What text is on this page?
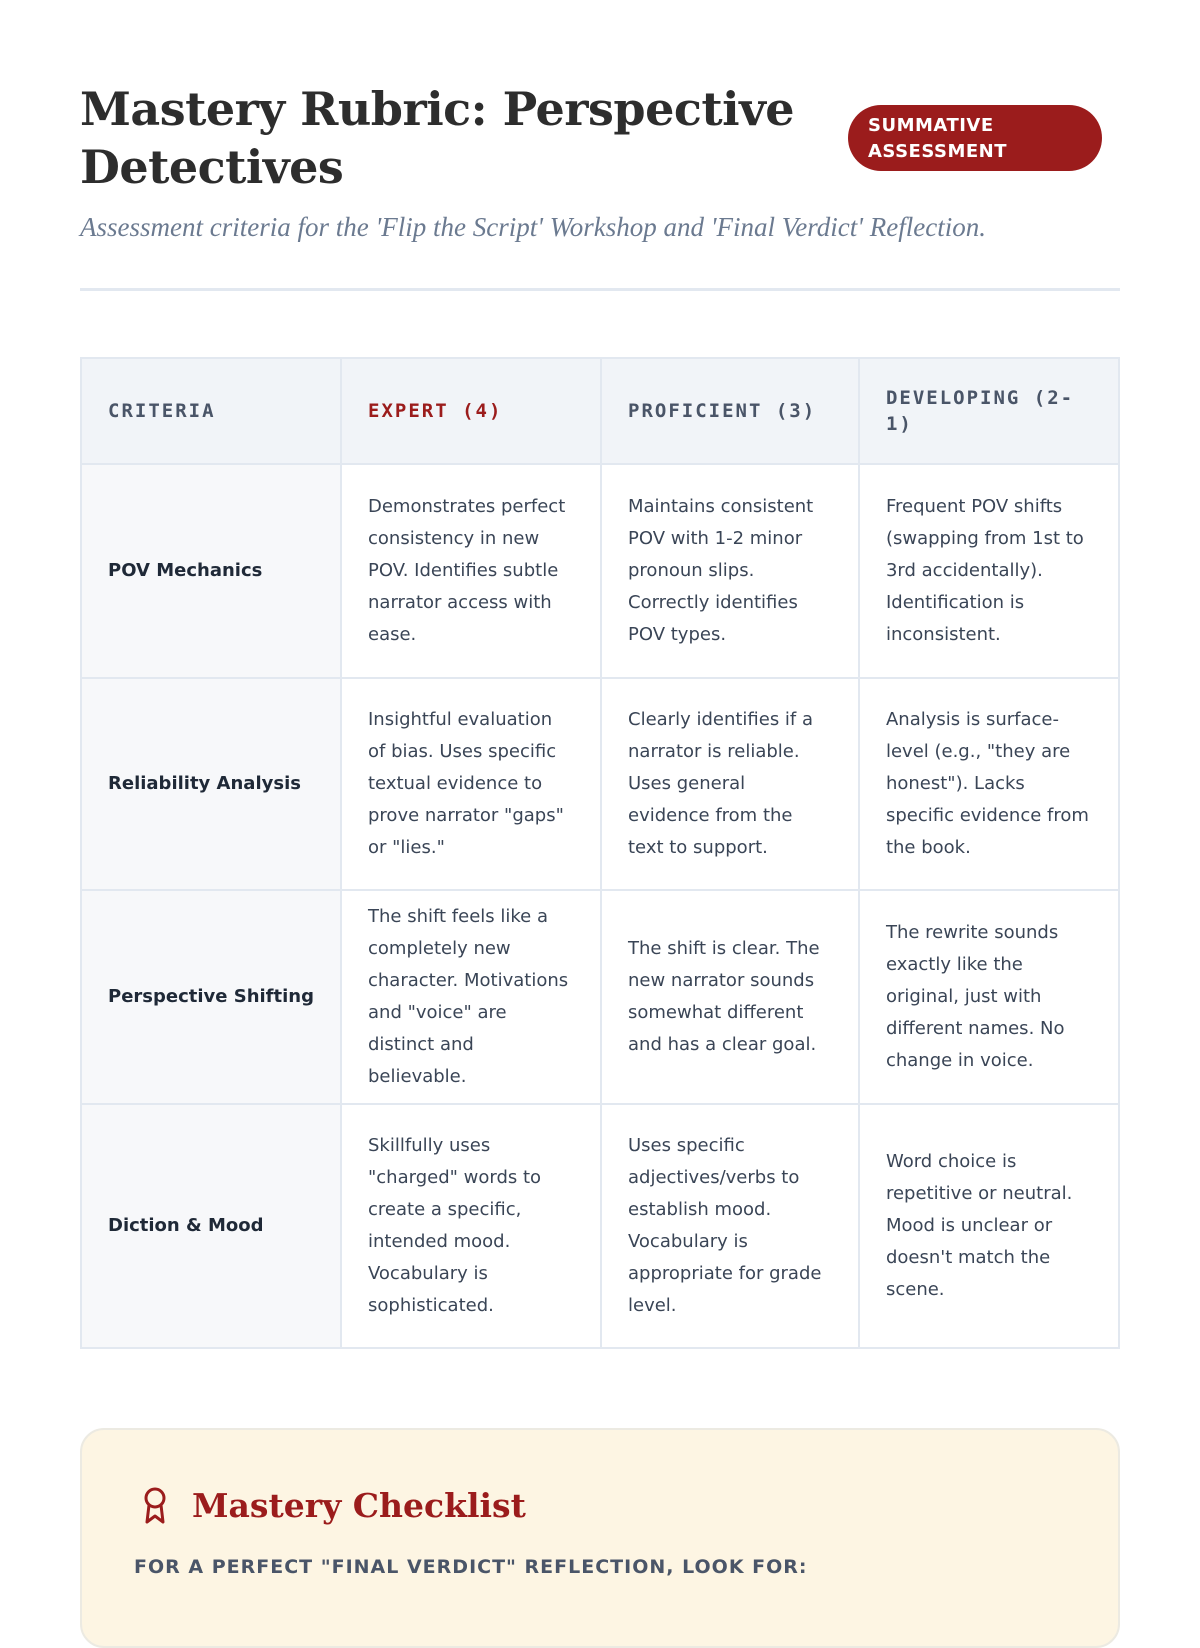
Mastery Rubric: Perspective Detectives
SUMMATIVE ASSESSMENT
Assessment criteria for the 'Flip the Script' Workshop and 'Final Verdict' Reflection.
CRITERIA	EXPERT (4)	PROFICIENT (3)	DEVELOPING (2-1)
POV Mechanics	Demonstrates perfect consistency in new POV. Identifies subtle narrator access with ease.	Maintains consistent POV with 1-2 minor pronoun slips. Correctly identifies POV types.	Frequent POV shifts (swapping from 1st to 3rd accidentally). Identification is inconsistent.
Reliability Analysis	Insightful evaluation of bias. Uses specific textual evidence to prove narrator "gaps" or "lies."	Clearly identifies if a narrator is reliable. Uses general evidence from the text to support.	Analysis is surface-level (e.g., "they are honest"). Lacks specific evidence from the book.
Perspective Shifting	The shift feels like a completely new character. Motivations and "voice" are distinct and believable.	The shift is clear. The new narrator sounds somewhat different and has a clear goal.	The rewrite sounds exactly like the original, just with different names. No change in voice.
Diction & Mood	Skillfully uses "charged" words to create a specific, intended mood. Vocabulary is sophisticated.	Uses specific adjectives/verbs to establish mood. Vocabulary is appropriate for grade level.	Word choice is repetitive or neutral. Mood is unclear or doesn't match the scene.
Mastery Checklist
FOR A PERFECT "FINAL VERDICT" REFLECTION, LOOK FOR:
